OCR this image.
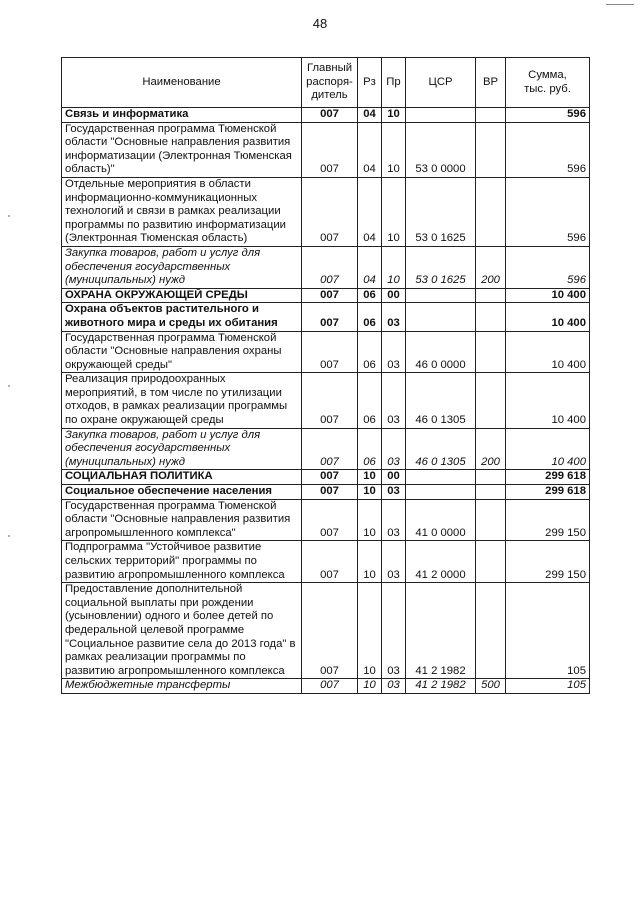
48
Наименование	Главный
распоря-
дитель	Рз	Пр	ЦСР	ВР	Сумма,
тыс. руб.
Связь и информатика	007	04	10			596
Государственная программа Тюменской области "Основные направления развития информатизации (Электронная Тюменская область)"	007	04	10	53 0 0000		596
Отдельные мероприятия в области информационно-коммуникационных технологий и связи в рамках реализации программы по развитию информатизации (Электронная Тюменская область)	007	04	10	53 0 1625		596
Закупка товаров, работ и услуг для обеспечения государственных (муниципальных) нужд	007	04	10	53 0 1625	200	596
ОХРАНА ОКРУЖАЮЩЕЙ СРЕДЫ	007	06	00			10 400
Охрана объектов растительного и животного мира и среды их обитания	007	06	03			10 400
Государственная программа Тюменской области "Основные направления охраны окружающей среды"	007	06	03	46 0 0000		10 400
Реализация природоохранных мероприятий, в том числе по утилизации отходов, в рамках реализации программы по охране окружающей среды	007	06	03	46 0 1305		10 400
Закупка товаров, работ и услуг для обеспечения государственных (муниципальных) нужд	007	06	03	46 0 1305	200	10 400
СОЦИАЛЬНАЯ ПОЛИТИКА	007	10	00			299 618
Социальное обеспечение населения	007	10	03			299 618
Государственная программа Тюменской области "Основные направления развития агропромышленного комплекса"	007	10	03	41 0 0000		299 150
Подпрограмма "Устойчивое развитие сельских территорий" программы по развитию агропромышленного комплекса	007	10	03	41 2 0000		299 150
Предоставление дополнительной социальной выплаты при рождении (усыновлении) одного и более детей по федеральной целевой программе "Социальное развитие села до 2013 года" в рамках реализации программы по развитию агропромышленного комплекса	007	10	03	41 2 1982		105
Межбюджетные трансферты	007	10	03	41 2 1982	500	105
